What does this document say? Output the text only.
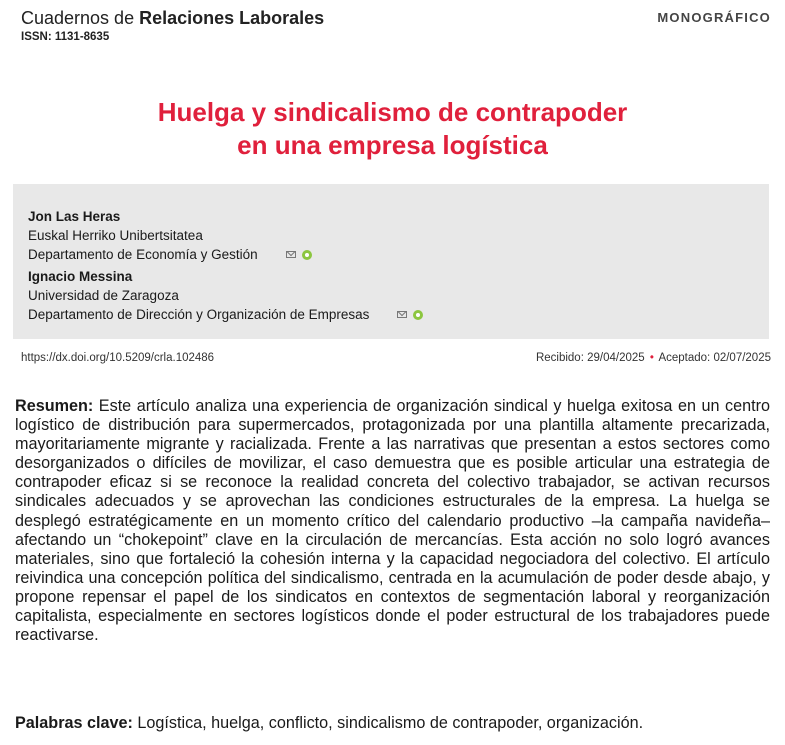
Cuadernos de Relaciones Laborales
ISSN: 1131-8635
MONOGRÁFICO
Huelga y sindicalismo de contrapoder
en una empresa logística
Jon Las Heras
Euskal Herriko Unibertsitatea
Departamento de Economía y Gestión
Ignacio Messina
Universidad de Zaragoza
Departamento de Dirección y Organización de Empresas
https://dx.doi.org/10.5209/crla.102486	Recibido: 29/04/2025 • Aceptado: 02/07/2025
Resumen: Este artículo analiza una experiencia de organización sindical y huelga exitosa en un centro logístico de distribución para supermercados, protagonizada por una plantilla altamente precarizada, mayoritariamente migrante y racializada. Frente a las narrativas que presentan a estos sectores como desorganizados o difíciles de movilizar, el caso demuestra que es posible articular una estrategia de contrapoder eficaz si se reconoce la realidad concreta del colectivo trabajador, se activan recursos sindicales adecuados y se aprovechan las condiciones estructurales de la empresa. La huelga se desplegó estratégicamente en un momento crítico del calendario productivo –la campaña navideña– afectando un “chokepoint” clave en la circulación de mercancías. Esta acción no solo logró avances materiales, sino que fortaleció la cohesión interna y la capacidad negociadora del colectivo. El artículo reivindica una concepción política del sindicalismo, centrada en la acumulación de poder desde abajo, y propone repensar el papel de los sindicatos en contextos de segmentación laboral y reorganización capitalista, especialmente en sectores logísticos donde el poder estructural de los trabajadores puede reactivarse.
Palabras clave: Logística, huelga, conflicto, sindicalismo de contrapoder, organización.
